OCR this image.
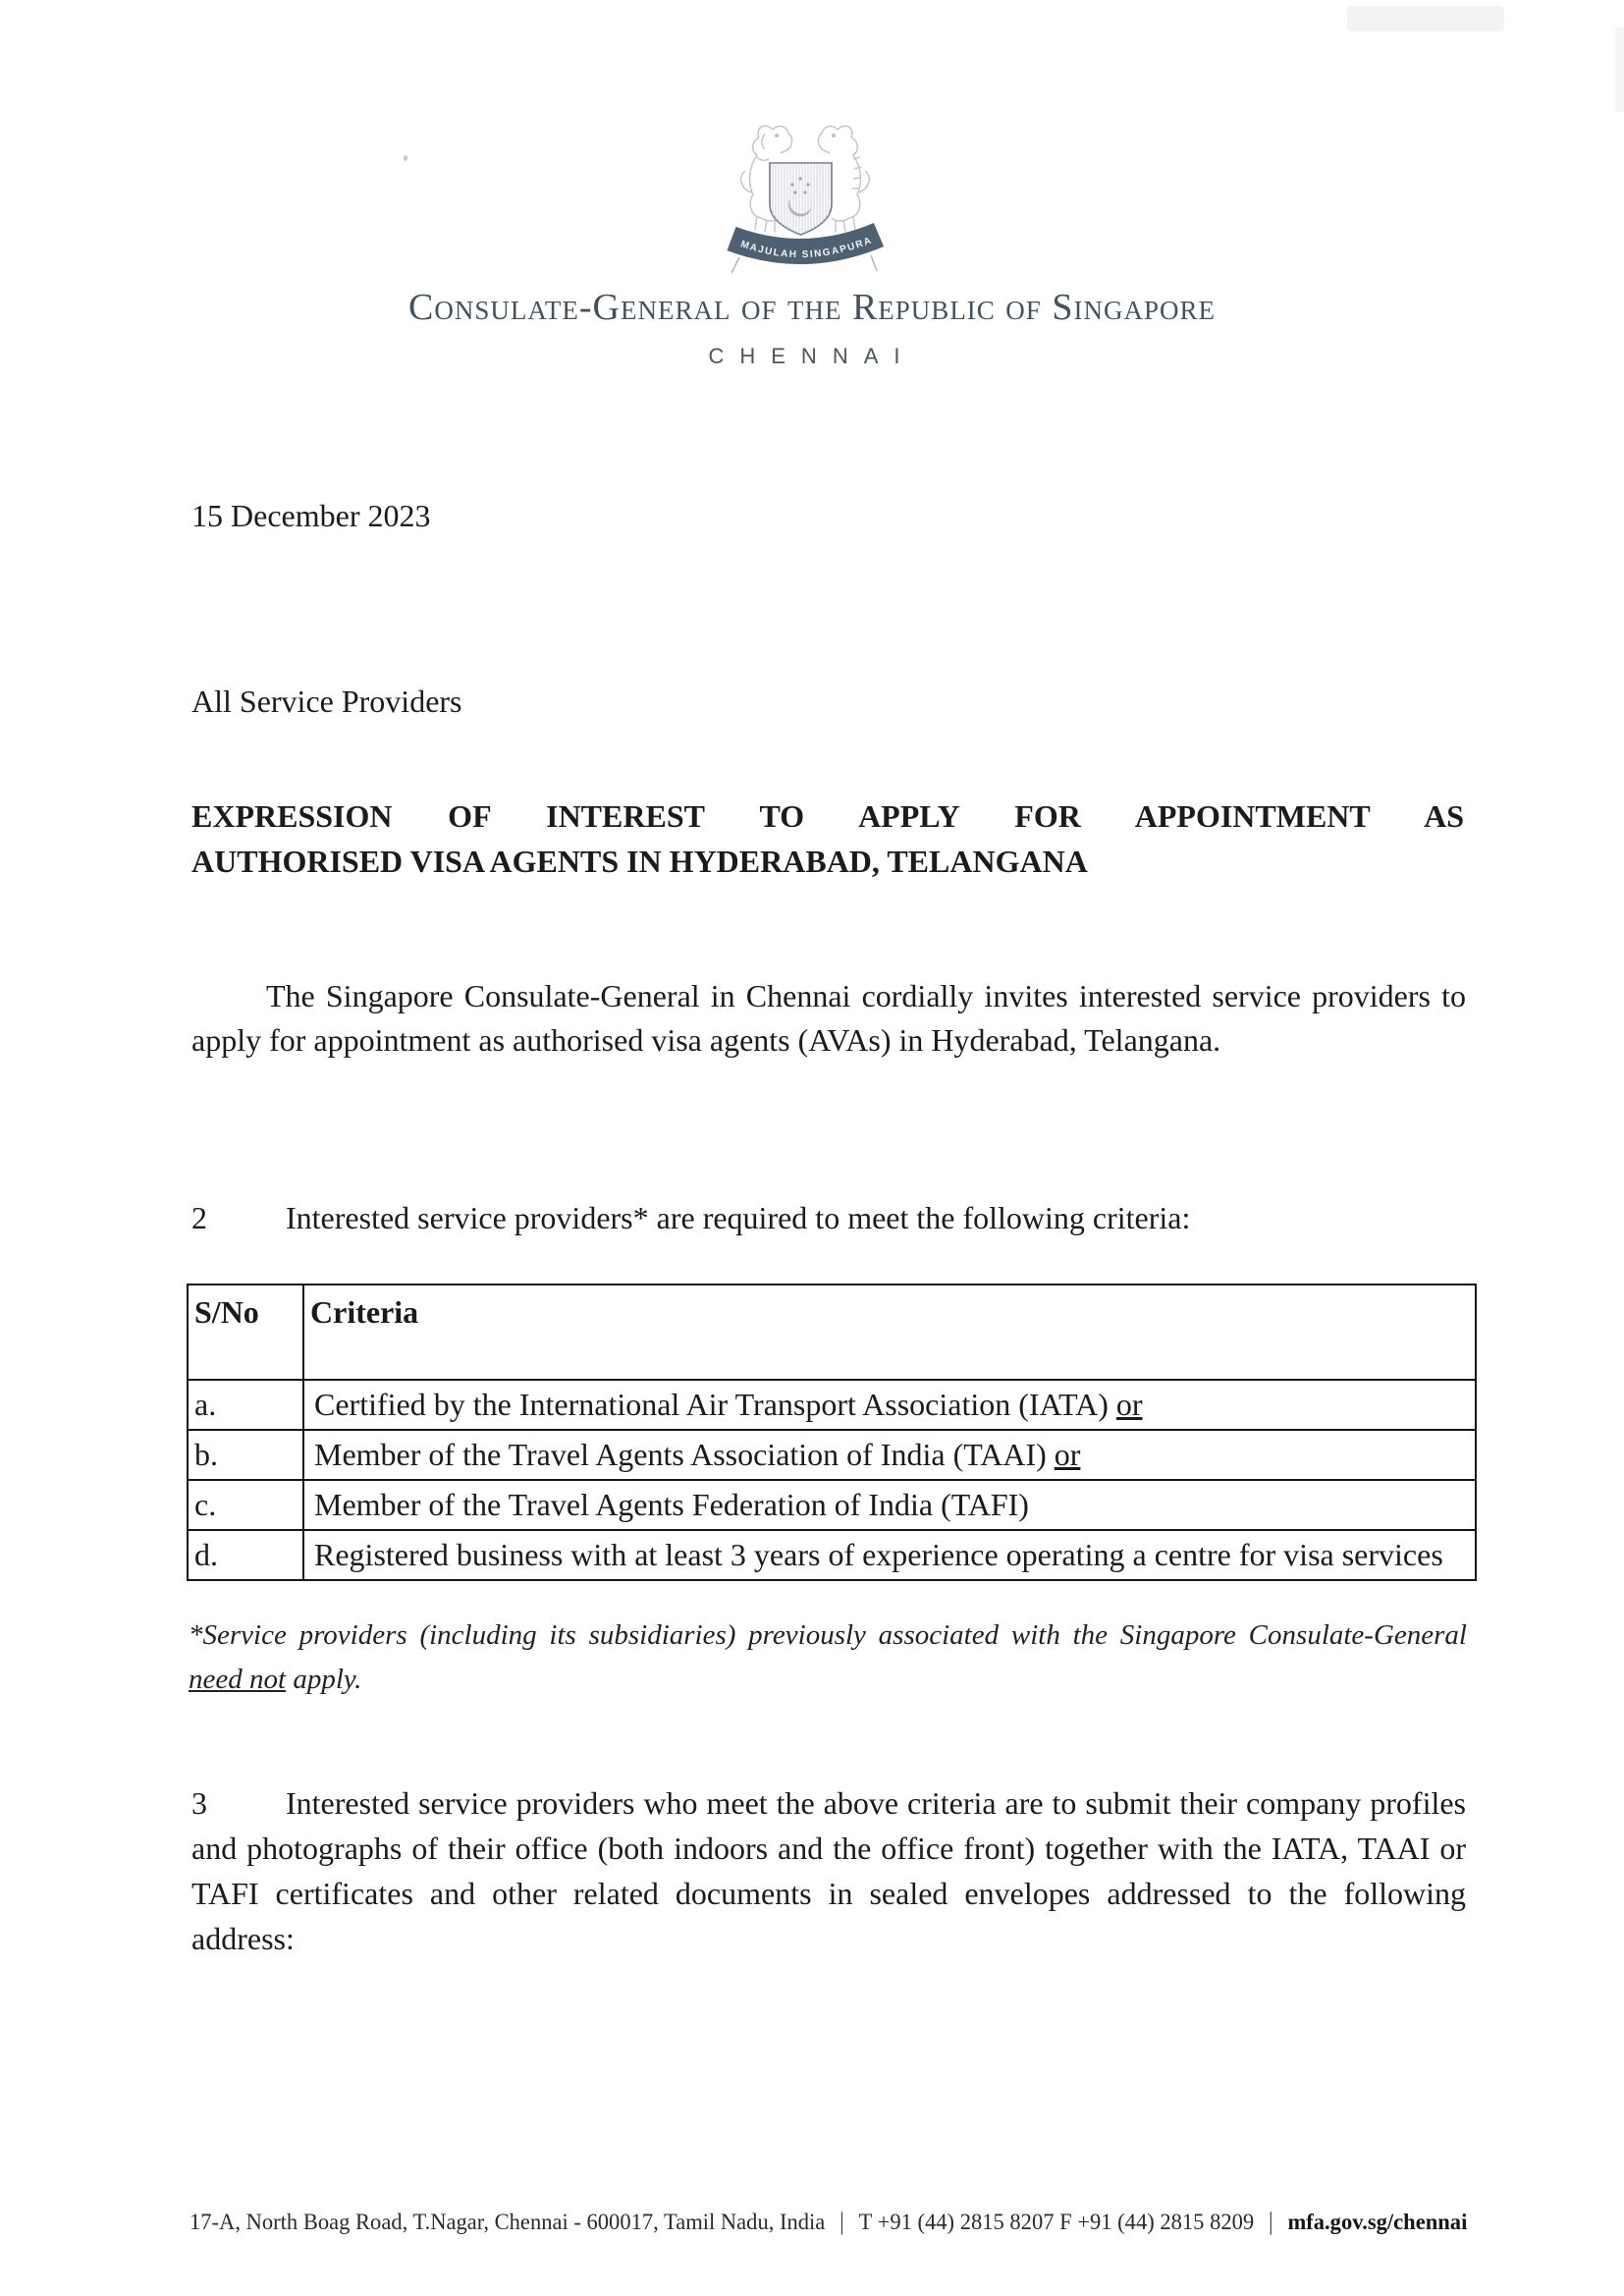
MAJULAH SINGAPURA
Consulate-General of the Republic of Singapore
CHENNAI
15 December 2023
All Service Providers
EXPRESSION OF INTEREST TO APPLY FOR APPOINTMENT AS
AUTHORISED VISA AGENTS IN HYDERABAD, TELANGANA
The Singapore Consulate-General in Chennai cordially invites interested service providers to apply for appointment as authorised visa agents (AVAs) in Hyderabad, Telangana.
2	Interested service providers* are required to meet the following criteria:
S/No	Criteria
a.	Certified by the International Air Transport Association (IATA) or
b.	Member of the Travel Agents Association of India (TAAI) or
c.	Member of the Travel Agents Federation of India (TAFI)
d.	Registered business with at least 3 years of experience operating a centre for visa services
*Service providers (including its subsidiaries) previously associated with the Singapore Consulate-General need not apply.
3	Interested service providers who meet the above criteria are to submit their company profiles and photographs of their office (both indoors and the office front) together with the IATA, TAAI or TAFI certificates and other related documents in sealed envelopes addressed to the following address:
17-A, North Boag Road, T.Nagar, Chennai - 600017, Tamil Nadu, India | T +91 (44) 2815 8207 F +91 (44) 2815 8209 | mfa.gov.sg/chennai
